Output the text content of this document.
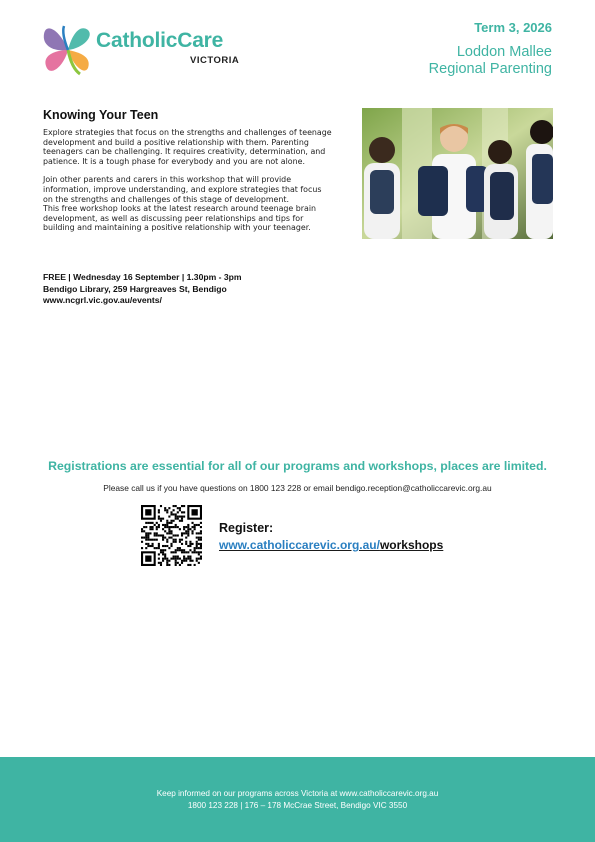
CatholicCare
VICTORIA
Term 3, 2026
Loddon Mallee
Regional Parenting
Knowing Your Teen

Explore strategies that focus on the strengths and challenges of teenage
development and build a positive relationship with them. Parenting
teenagers can be challenging. It requires creativity, determination, and
patience. It is a tough phase for everybody and you are not alone.

Join other parents and carers in this workshop that will provide
information, improve understanding, and explore strategies that focus
on the strengths and challenges of this stage of development.
This free workshop looks at the latest research around teenage brain
development, as well as discussing peer relationships and tips for
building and maintaining a positive relationship with your teenager.

FREE | Wednesday 16 September | 1.30pm - 3pm
Bendigo Library, 259 Hargreaves St, Bendigo
www.ncgrl.vic.gov.au/events/
Registrations are essential for all of our programs and workshops, places are limited.
Please call us if you have questions on 1800 123 228 or email bendigo.reception@catholiccarevic.org.au
Register:
www.catholiccarevic.org.au/workshops
Keep informed on our programs across Victoria at www.catholiccarevic.org.au
1800 123 228 | 176 – 178 McCrae Street, Bendigo VIC 3550
